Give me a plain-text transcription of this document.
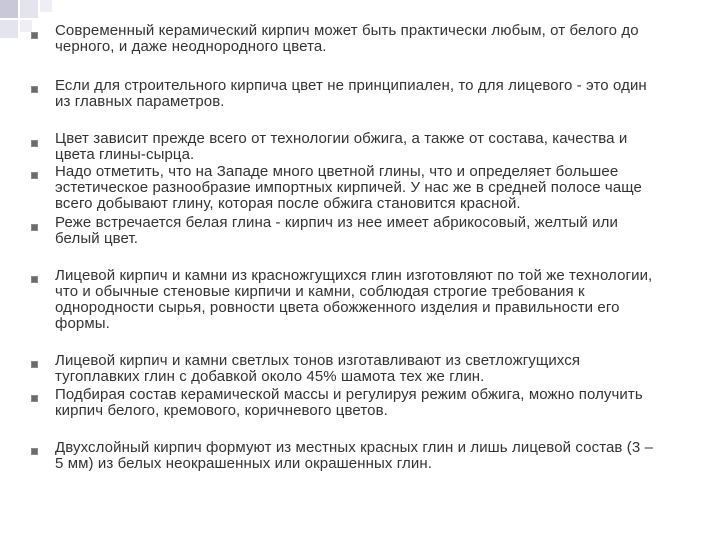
Современный керамический кирпич может быть практически любым, от белого до
черного, и даже неоднородного цвета.
Если для строительного кирпича цвет не принципиален, то для лицевого - это один
из главных параметров.
Цвет зависит прежде всего от технологии обжига, а также от состава, качества и
цвета глины-сырца.
Надо отметить, что на Западе много цветной глины, что и определяет большее
эстетическое разнообразие импортных кирпичей. У нас же в средней полосе чаще
всего добывают глину, которая после обжига становится красной.
Реже встречается белая глина - кирпич из нее имеет абрикосовый, желтый или
белый цвет.
Лицевой кирпич и камни из красножгущихся глин изготовляют по той же технологии,
что и обычные стеновые кирпичи и камни, соблюдая строгие требования к
однородности сырья, ровности цвета обожженного изделия и правильности его
формы.
Лицевой кирпич и камни светлых тонов изготавливают из светложгущихся
тугоплавких глин с добавкой около 45% шамота тех же глин.
Подбирая состав керамической массы и регулируя режим обжига, можно получить
кирпич белого, кремового, коричневого цветов.
Двухслойный кирпич формуют из местных красных глин и лишь лицевой состав (3 –
5 мм) из белых неокрашенных или окрашенных глин.
